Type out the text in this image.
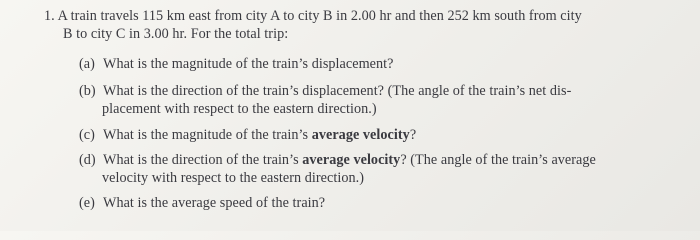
1. A train travels 115 km east from city A to city B in 2.00 hr and then 252 km south from city
B to city C in 3.00 hr. For the total trip:
(a) What is the magnitude of the train’s displacement?
(b) What is the direction of the train’s displacement? (The angle of the train’s net dis-
placement with respect to the eastern direction.)
(c) What is the magnitude of the train’s average velocity?
(d) What is the direction of the train’s average velocity? (The angle of the train’s average
velocity with respect to the eastern direction.)
(e) What is the average speed of the train?
